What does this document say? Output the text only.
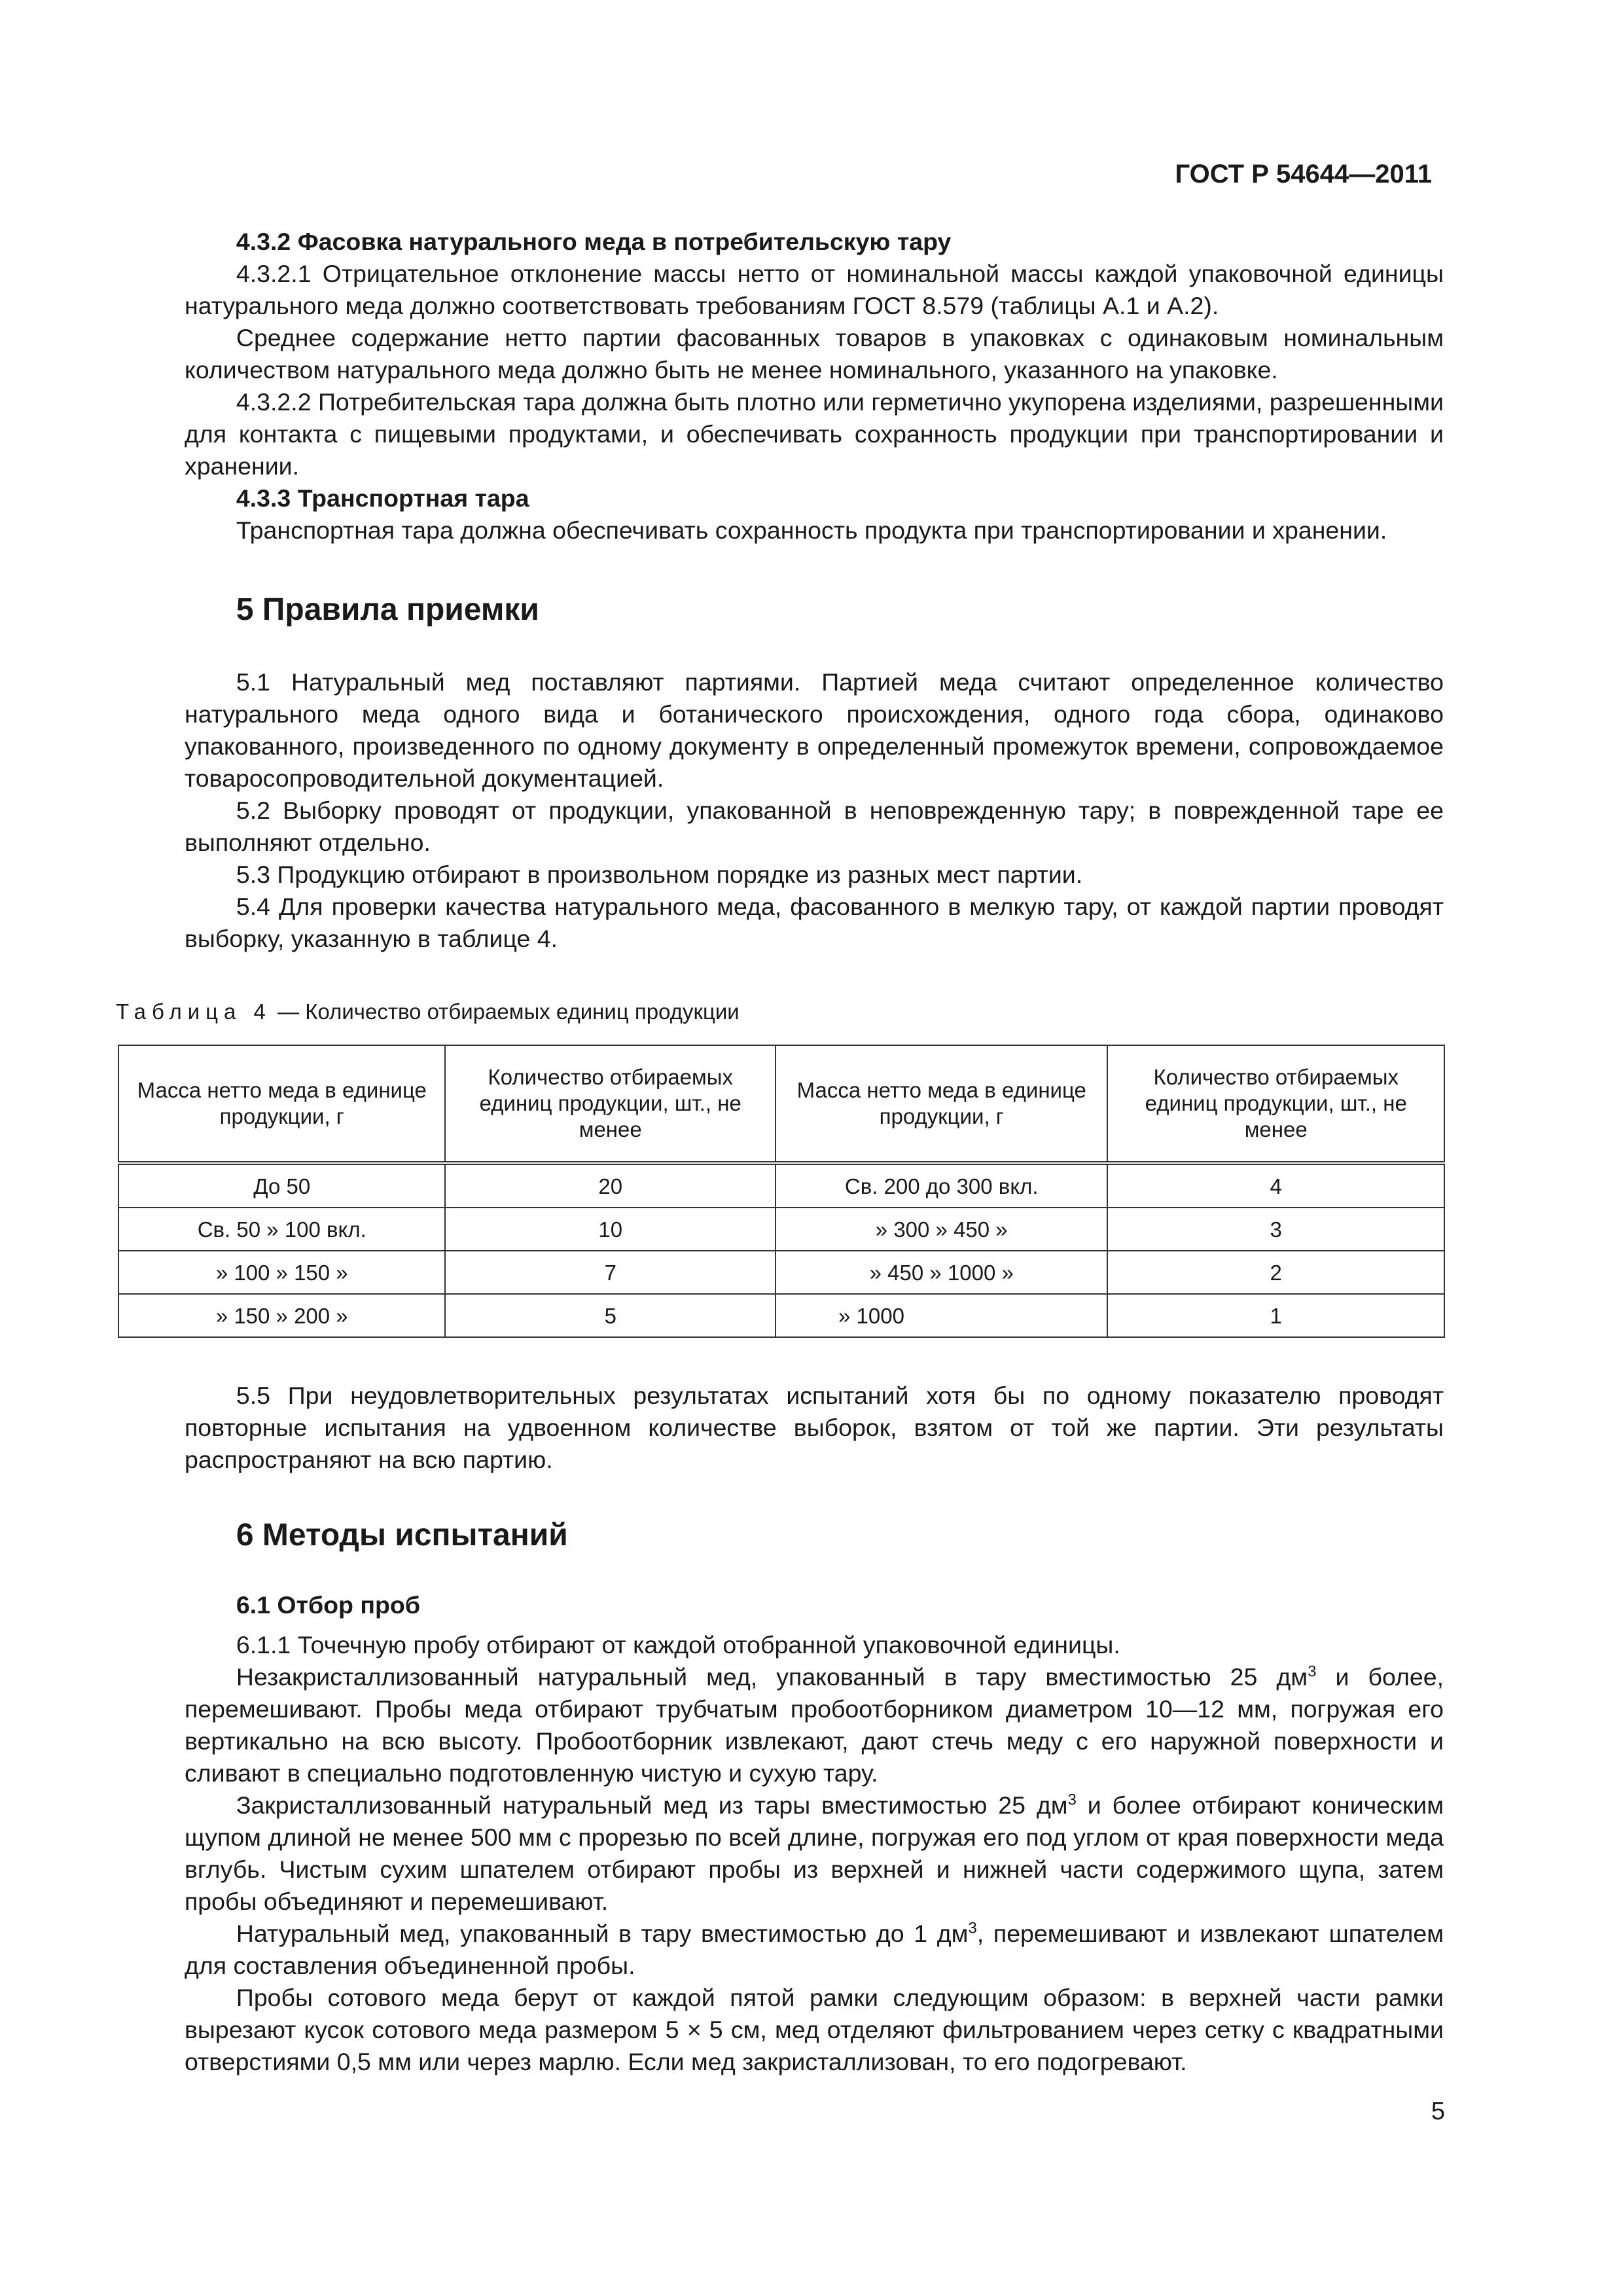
ГОСТ Р 54644—2011

4.3.2 Фасовка натурального меда в потребительскую тару

4.3.2.1 Отрицательное отклонение массы нетто от номинальной массы каждой упаковочной единицы натурального меда должно соответствовать требованиям ГОСТ 8.579 (таблицы А.1 и А.2).

Среднее содержание нетто партии фасованных товаров в упаковках с одинаковым номинальным количеством натурального меда должно быть не менее номинального, указанного на упаковке.

4.3.2.2 Потребительская тара должна быть плотно или герметично укупорена изделиями, разрешенными для контакта с пищевыми продуктами, и обеспечивать сохранность продукции при транспортировании и хранении.

4.3.3 Транспортная тара

Транспортная тара должна обеспечивать сохранность продукта при транспортировании и хранении.

5 Правила приемки

5.1 Натуральный мед поставляют партиями. Партией меда считают определенное количество натурального меда одного вида и ботанического происхождения, одного года сбора, одинаково упакованного, произведенного по одному документу в определенный промежуток времени, сопровождаемое товаросопроводительной документацией.

5.2 Выборку проводят от продукции, упакованной в неповрежденную тару; в поврежденной таре ее выполняют отдельно.

5.3 Продукцию отбирают в произвольном порядке из разных мест партии.

5.4 Для проверки качества натурального меда, фасованного в мелкую тару, от каждой партии проводят выборку, указанную в таблице 4.

Таблица 4 — Количество отбираемых единиц продукции
Масса нетто меда в единице продукции, г	Количество отбираемых единиц продукции, шт., не менее	Масса нетто меда в единице продукции, г	Количество отбираемых единиц продукции, шт., не менее
До 50	20	Св. 200 до 300 вкл.	4
Св. 50 » 100 вкл.	10	» 300 » 450 »	3
» 100 » 150 »	7	» 450 » 1000 »	2
» 150 » 200 »	5	» 1000	1

5.5 При неудовлетворительных результатах испытаний хотя бы по одному показателю проводят повторные испытания на удвоенном количестве выборок, взятом от той же партии. Эти результаты распространяют на всю партию.

6 Методы испытаний

6.1 Отбор проб

6.1.1 Точечную пробу отбирают от каждой отобранной упаковочной единицы.

Незакристаллизованный натуральный мед, упакованный в тару вместимостью 25 $дм^3$ и более, перемешивают. Пробы меда отбирают трубчатым пробоотборником диаметром 10—12 мм, погружая его вертикально на всю высоту. Пробоотборник извлекают, дают стечь меду с его наружной поверхности и сливают в специально подготовленную чистую и сухую тару.

Закристаллизованный натуральный мед из тары вместимостью 25 $дм^3$ и более отбирают коническим щупом длиной не менее 500 мм с прорезью по всей длине, погружая его под углом от края поверхности меда вглубь. Чистым сухим шпателем отбирают пробы из верхней и нижней части содержимого щупа, затем пробы объединяют и перемешивают.

Натуральный мед, упакованный в тару вместимостью до 1 $дм^3$, перемешивают и извлекают шпателем для составления объединенной пробы.

Пробы сотового меда берут от каждой пятой рамки следующим образом: в верхней части рамки вырезают кусок сотового меда размером 5 × 5 см, мед отделяют фильтрованием через сетку с квадратными отверстиями 0,5 мм или через марлю. Если мед закристаллизован, то его подогревают.

5
